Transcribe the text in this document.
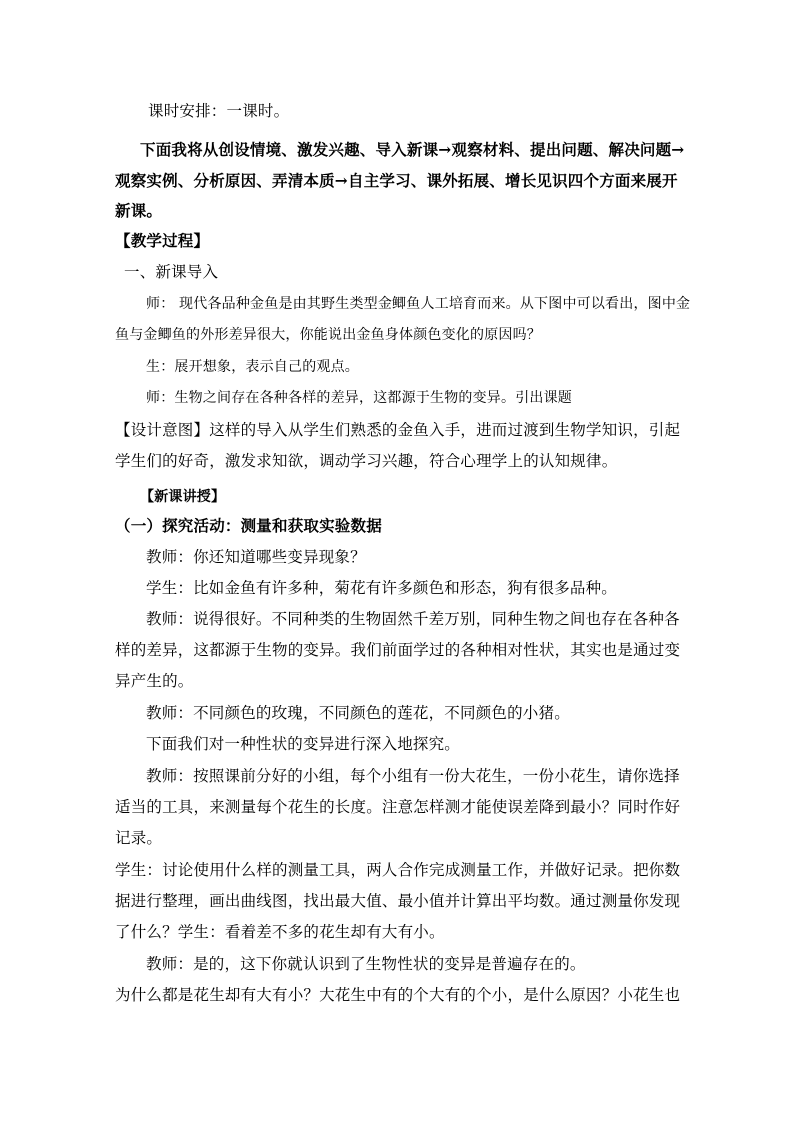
课时安排：一课时。
下面我将从创设情境、激发兴趣、导入新课→观察材料、提出问题、解决问题→
观察实例、分析原因、弄清本质→自主学习、课外拓展、增长见识四个方面来展开
新课。
【教学过程】
一、新课导入
师： 现代各品种金鱼是由其野生类型金鲫鱼人工培育而来。从下图中可以看出，图中金
鱼与金鲫鱼的外形差异很大，你能说出金鱼身体颜色变化的原因吗？
生：展开想象，表示自己的观点。
师：生物之间存在各种各样的差异，这都源于生物的变异。引出课题
【设计意图】这样的导入从学生们熟悉的金鱼入手，进而过渡到生物学知识，引起
学生们的好奇，激发求知欲，调动学习兴趣，符合心理学上的认知规律。
【新课讲授】
（一）探究活动：测量和获取实验数据
教师：你还知道哪些变异现象？
学生：比如金鱼有许多种，菊花有许多颜色和形态，狗有很多品种。
教师：说得很好。不同种类的生物固然千差万别，同种生物之间也存在各种各
样的差异，这都源于生物的变异。我们前面学过的各种相对性状，其实也是通过变
异产生的。
教师：不同颜色的玫瑰，不同颜色的莲花，不同颜色的小猪。
下面我们对一种性状的变异进行深入地探究。
教师：按照课前分好的小组，每个小组有一份大花生，一份小花生，请你选择
适当的工具，来测量每个花生的长度。注意怎样测才能使误差降到最小？同时作好
记录。
学生：讨论使用什么样的测量工具，两人合作完成测量工作，并做好记录。把你数
据进行整理，画出曲线图，找出最大值、最小值并计算出平均数。通过测量你发现
了什么？学生：看着差不多的花生却有大有小。
教师：是的，这下你就认识到了生物性状的变异是普遍存在的。
为什么都是花生却有大有小？大花生中有的个大有的个小，是什么原因？小花生也
